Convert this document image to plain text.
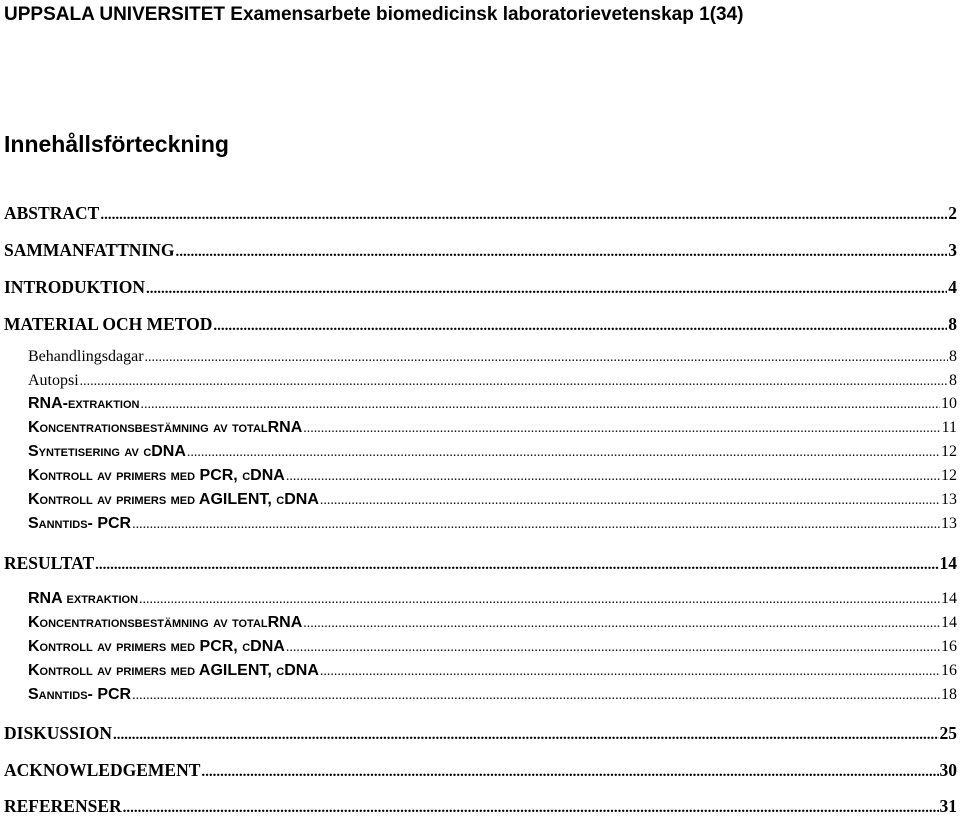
UPPSALA UNIVERSITET Examensarbete biomedicinsk laboratorievetenskap 1(34)
Innehållsförteckning
ABSTRACT .....	2
SAMMANFATTNING .....	3
INTRODUKTION .....	4
MATERIAL OCH METOD .....	8
Behandlingsdagar .....	8
Autopsi .....	8
RNA-extraktion .....	10
Koncentrationsbestämning av totalRNA .....	11
Syntetisering av cDNA .....	12
Kontroll av primers med PCR, cDNA .....	12
Kontroll av primers med AGILENT, cDNA .....	13
Sanntids- PCR .....	13
RESULTAT .....	14
RNA extraktion .....	14
Koncentrationsbestämning av totalRNA .....	14
Kontroll av primers med PCR, cDNA .....	16
Kontroll av primers med AGILENT, cDNA .....	16
Sanntids- PCR .....	18
DISKUSSION .....	25
ACKNOWLEDGEMENT .....	30
REFERENSER .....	31
